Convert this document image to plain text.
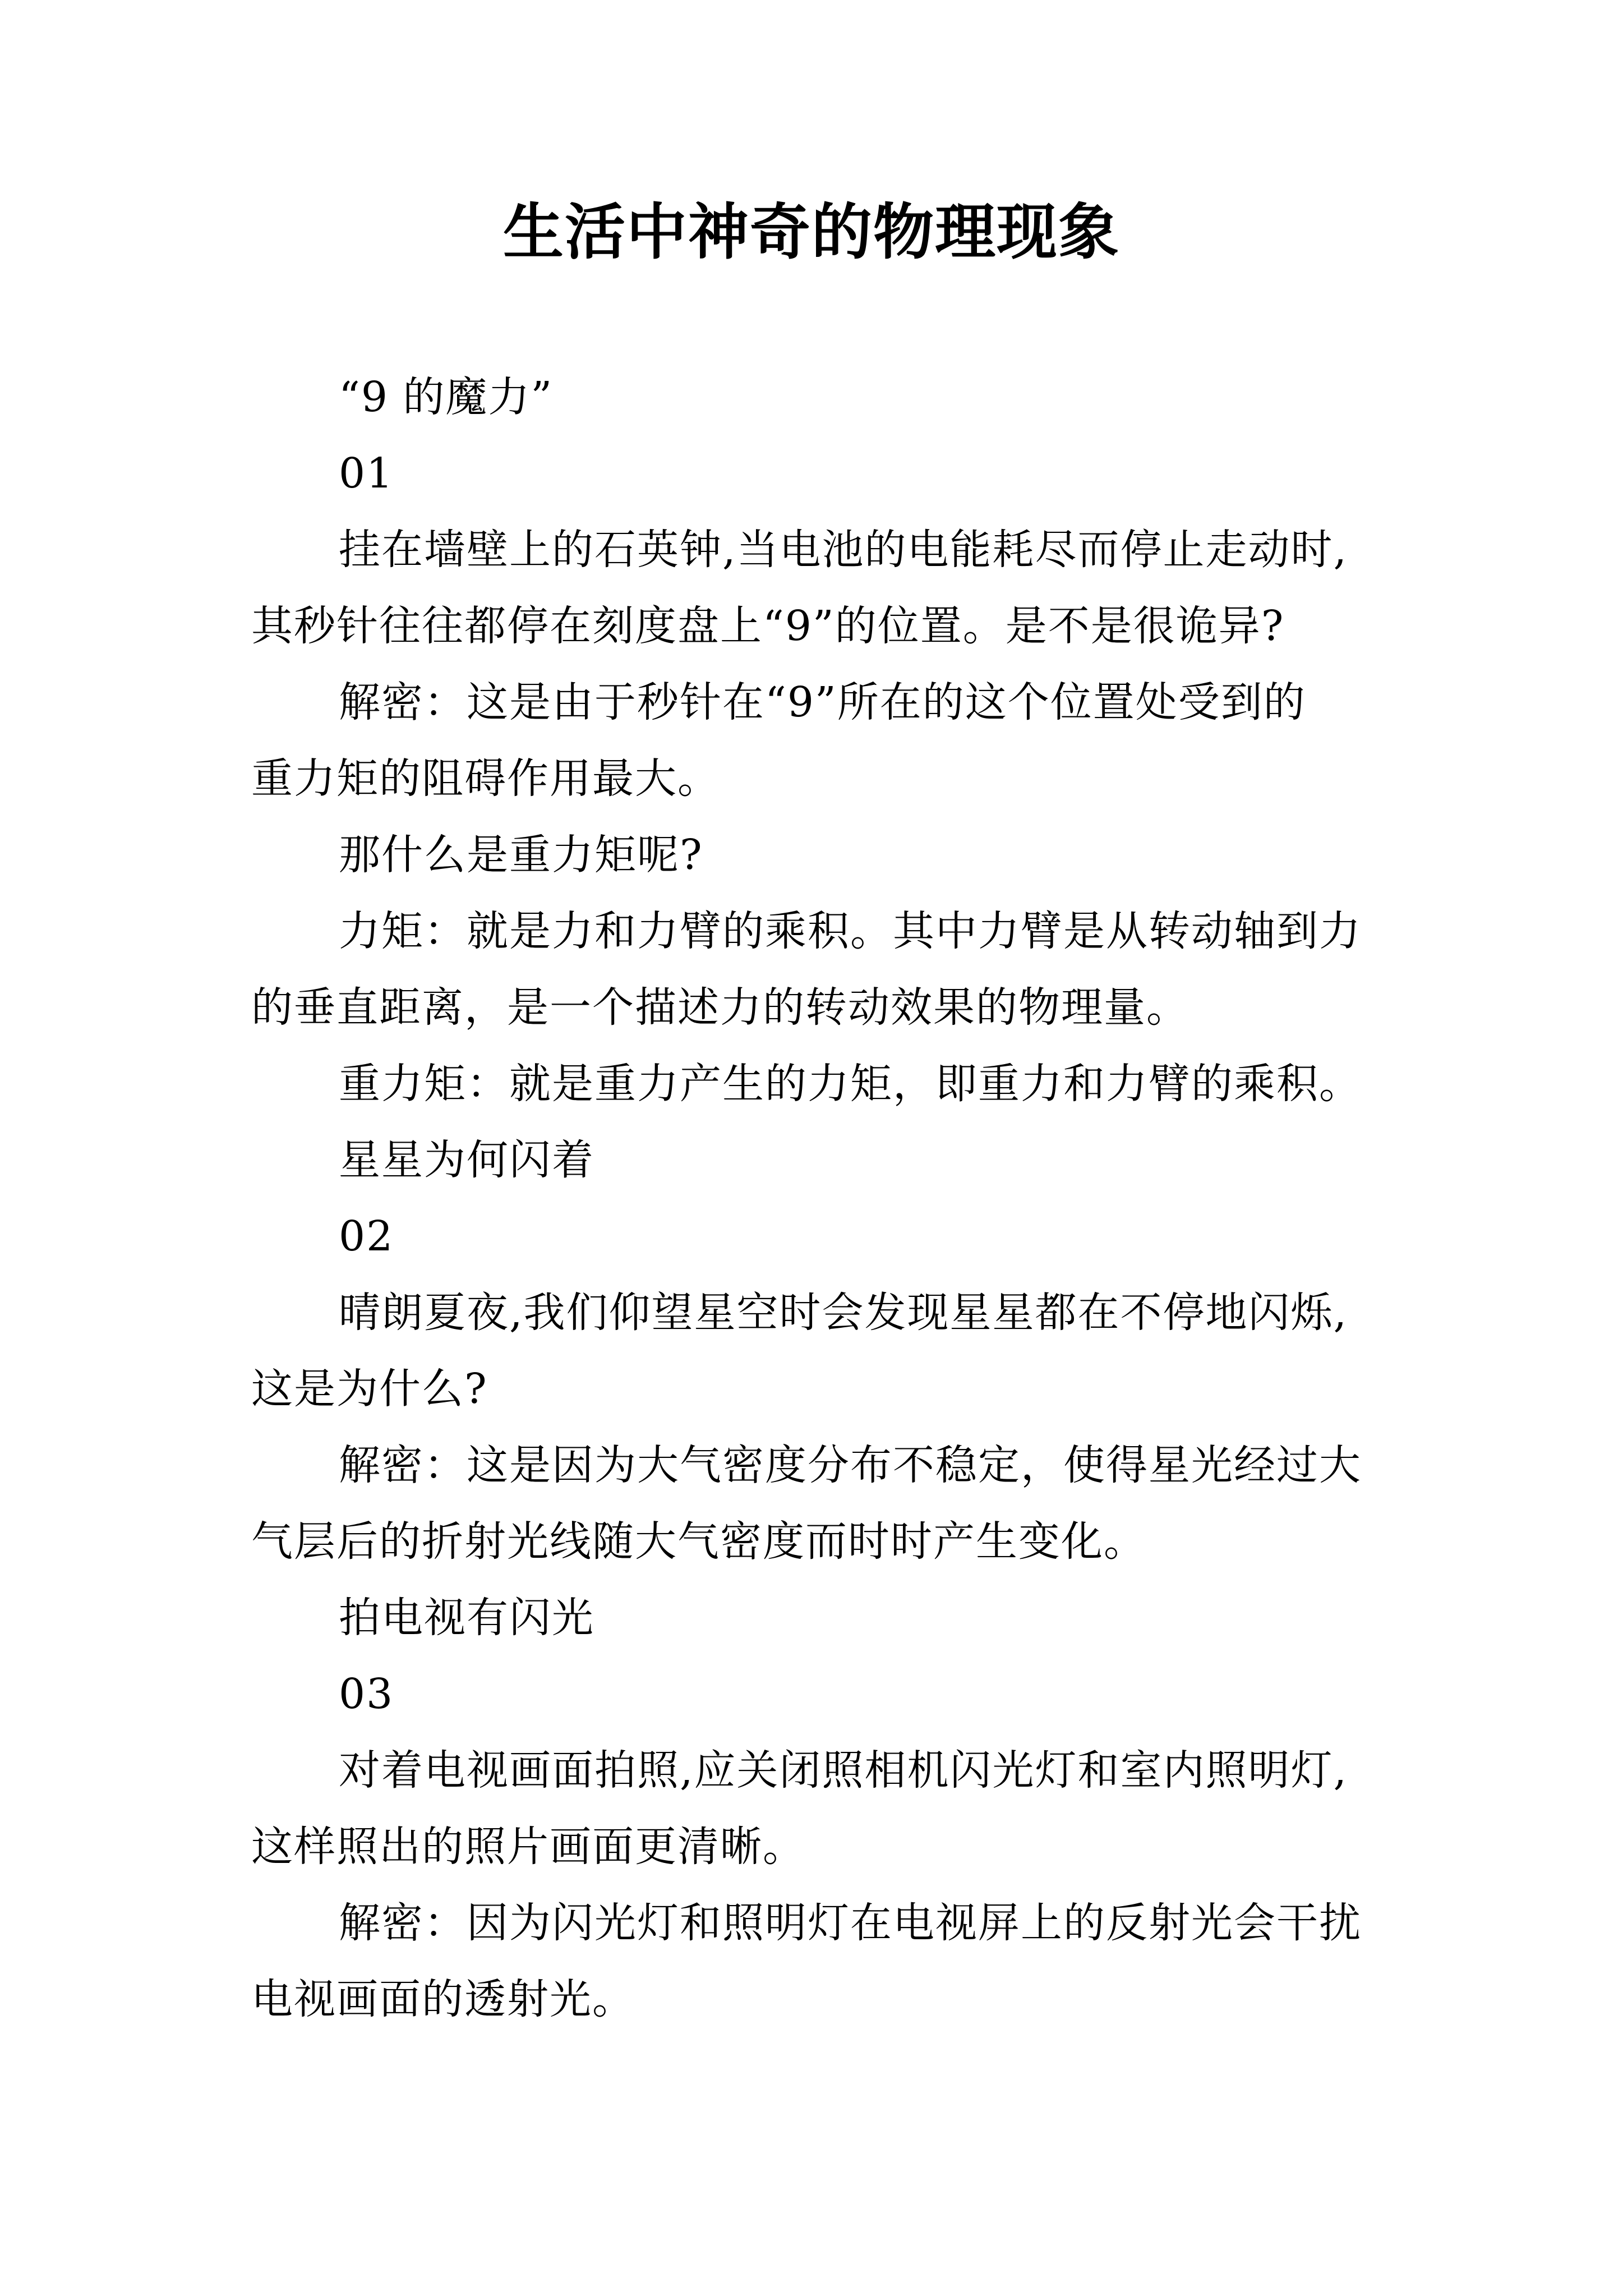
生活中神奇的物理现象

“9 的魔力”

01

挂在墙壁上的石英钟,当电池的电能耗尽而停止走动时,
其秒针往往都停在刻度盘上“9”的位置。是不是很诡异?

解密：这是由于秒针在“9”所在的这个位置处受到的
重力矩的阻碍作用最大。

那什么是重力矩呢?

力矩：就是力和力臂的乘积。其中力臂是从转动轴到力
的垂直距离，是一个描述力的转动效果的物理量。

重力矩：就是重力产生的力矩，即重力和力臂的乘积。

星星为何闪着

02

晴朗夏夜,我们仰望星空时会发现星星都在不停地闪烁,
这是为什么?

解密：这是因为大气密度分布不稳定，使得星光经过大
气层后的折射光线随大气密度而时时产生变化。

拍电视有闪光

03

对着电视画面拍照,应关闭照相机闪光灯和室内照明灯,
这样照出的照片画面更清晰。

解密：因为闪光灯和照明灯在电视屏上的反射光会干扰
电视画面的透射光。
